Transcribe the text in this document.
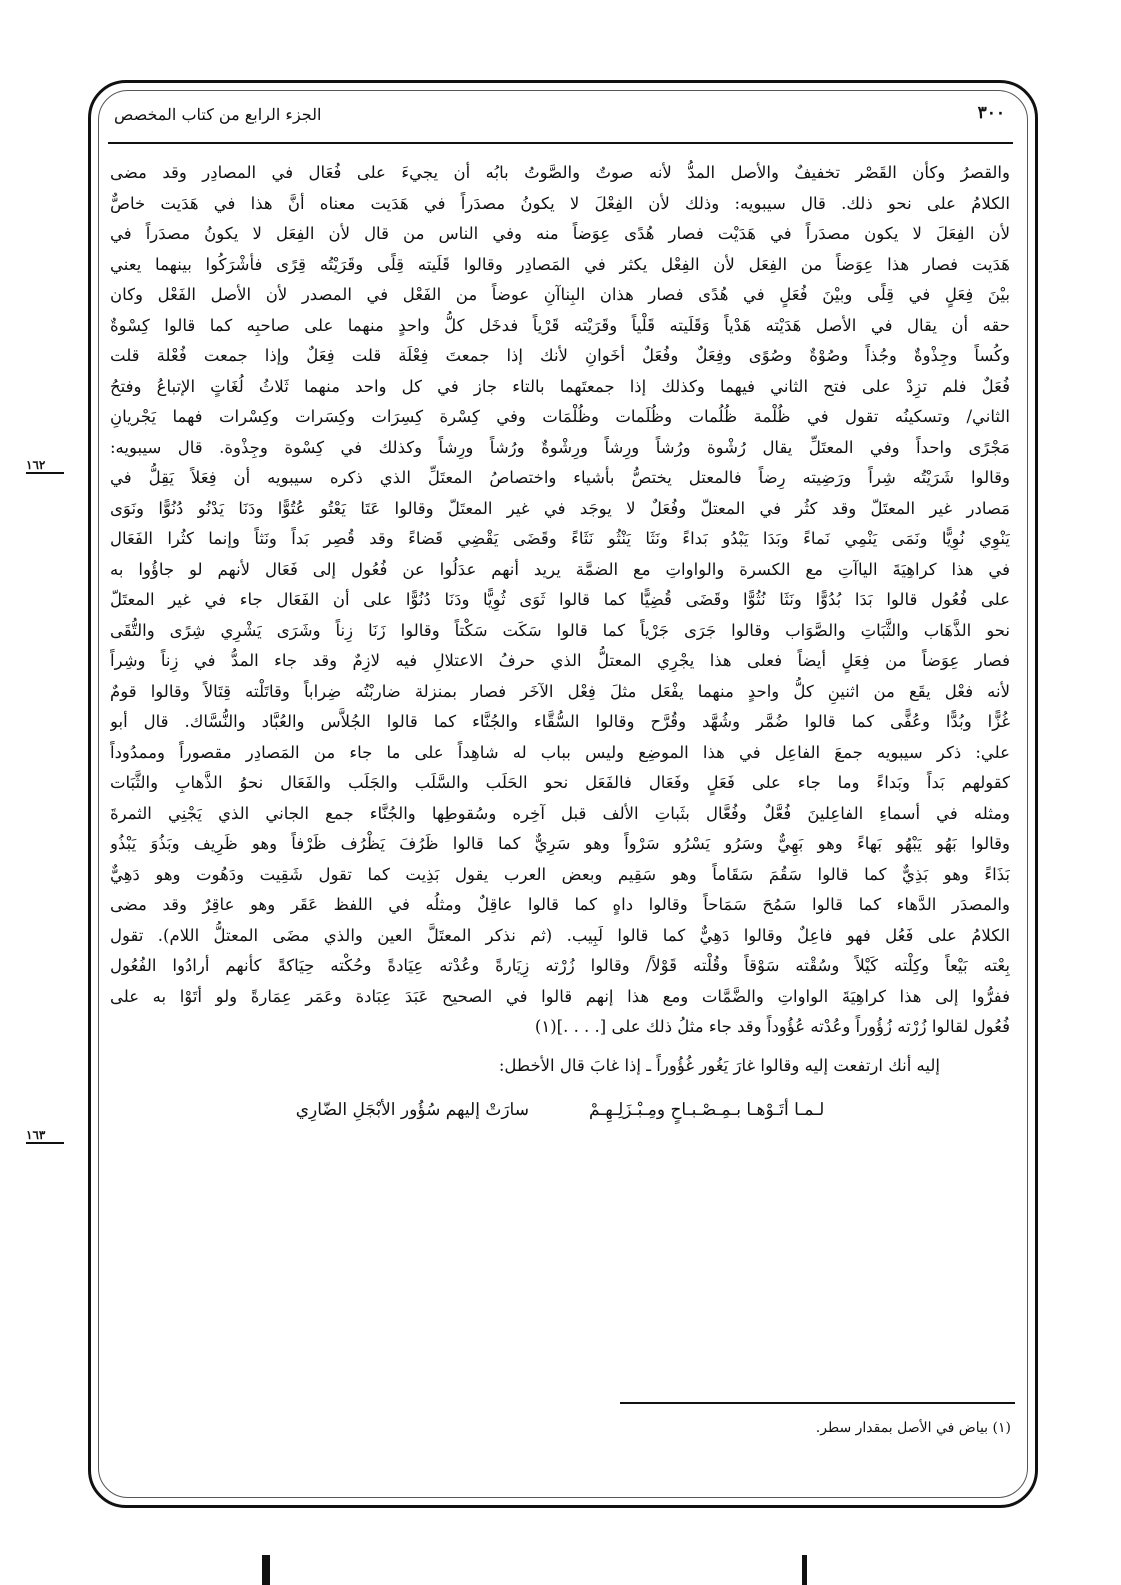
٣٠٠
الجزء الرابع من كتاب المخصص
١٦٢
١٦٣

والقصرُ وكأن القَصْر تخفيفٌ والأصل المدُّ لأنه صوتٌ والصَّوتُ بابُه أن يجيءَ على فُعَال في المصادِر وقد مضى
الكلامُ على نحو ذلك. قال سيبويه: وذلك لأن الفِعْلَ لا يكونُ مصدَراً في هَدَيت معناه أنَّ هذا في هَدَيت خاصٌّ
لأن الفِعَلَ لا يكون مصدَراً في هَدَيْت فصار هُدًى عِوَضاً منه وفي الناس من قال لأن الفِعَل لا يكونُ مصدَراً في
هَدَيت فصار هذا عِوَضاً من الفِعَل لأن الفِعْل يكثر في المَصادِر وقالوا قَلَيته قِلًى وقَرَيْتُه قِرًى فأشْرَكُوا بينهما يعني
بيْنَ فِعَلٍ في قِلًى وبيْنَ فُعَلٍ في هُدًى فصار هذان البِناآنِ عوضاً من الفَعْل في المصدر لأن الأصل الفَعْل وكان
حقه أن يقال في الأصل هَدَيْته هَدْياً وَقَلَيته قَلْياً وقَرَيْته قَرْياً فدخَل كلُّ واحدٍ منهما على صاحبِه كما قالوا كِسْوةٌ
وكُساً وجِذْوةٌ وجُذاً وصُوْةٌ وصُوًى وفِعَلٌ وفُعَلٌ أخَوانِ لأنك إذا جمعتَ فِعْلَة قلت فِعَلٌ وإذا جمعت فُعْلة قلت
فُعَلٌ فلم تزِدْ على فتح الثاني فيهما وكذلك إذا جمعتَهما بالتاء جاز في كل واحد منهما ثَلاثُ لُغَاتٍ الإتباعُ وفتحُ
الثاني/ وتسكينُه تقول في ظُلْمة ظُلُمات وظُلَمات وظُلْمَات وفي كِسْرة كِسِرَات وكِسَرات وكِسْرات فهما يَجْريانِ
مَجْرًى واحداً وفي المعتَلِّ يقال رُشْوة ورُشاً ورِشاً ورِشْوةٌ ورُشاً ورِشاً وكذلك في كِسْوة وجِذْوة. قال سيبويه:
وقالوا شَرَيْتُه شِراً ورَضِيته رِضاً فالمعتل يختصُّ بأشياء واختصاصُ المعتَلِّ الذي ذكره سيبويه أن فِعَلاً يَقِلُّ في
مَصادر غير المعتَلّ وقد كثُر في المعتلّ وفُعَلٌ لا يوجَد في غير المعتَلّ وقالوا عَتَا يَعْتُو عُتُوًّا ودَنَا يَدْنُو دُنُوًّا ونَوَى
يَنْوِي نُوِيًّا ونَمَى يَنْمِي نَماءً وبَدَا يَبْدُو بَداءً ونَثَا يَنْثُو نَثَاءً وقَضَى يَقْضِي قَضاءً وقد قُصِر بَداً ونَثاً وإنما كثُرا الفَعَال
في هذا كراهِيَةَ الياآتِ مع الكسرة والواواتِ مع الضمَّة يريد أنهم عدَلُوا عن فُعُول إلى فَعَال لأنهم لو جاؤُوا به
على فُعُول قالوا بَدَا بُدُوًّا ونَثَا نُثُوًّا وقَضَى قُضِيًّا كما قالوا ثَوَى ثُوِيًّا ودَنَا دُنُوًّا على أن الفَعَال جاء في غير المعتَلّ
نحو الذَّهَاب والثَّبَاتِ والصَّوَاب وقالوا جَرَى جَرْياً كما قالوا سَكَت سَكْتاً وقالوا زَنَا زِناً وشَرَى يَشْرِي شِرًى والتُّقَى
فصار عِوَضاً من فِعَلٍ أيضاً فعلى هذا يجْرِي المعتلُّ الذي حرفُ الاعتلالِ فيه لازِمٌ وقد جاء المدُّ في زِناً وشِراً
لأنه فعْل يقَع من اثنينِ كلُّ واحدٍ منهما يفْعَل مثلَ فِعْل الآخَر فصار بمنزلة ضاربْتُه ضِراباً وقاتَلْته قِتَالاً وقالوا قومٌ
غُزًّا وبُدًّا وعُفًّى كما قالوا ضُمَّر وشُهَّد وقُرَّح وقالوا السُّقَّاء والجُنَّاء كما قالوا الجُلاَّس والعُبَّاد والنُّسَّاك. قال أبو
علي: ذكر سيبويه جمعَ الفاعِل في هذا الموضِع وليس بباب له شاهِداً على ما جاء من المَصادِر مقصوراً وممدُوداً
كقولهم بَداً وبَداءً وما جاء على فَعَلٍ وفَعَال فالفَعَل نحو الحَلَب والسَّلَب والجَلَب والفَعَال نحوُ الذَّهابِ والثَّبَات
ومثله في أسماءِ الفاعِلينَ فُعَّلٌ وفُعَّال بثَباتِ الألف قبل آخِره وسُقوطِها والجُنَّاء جمع الجاني الذي يَجْنِي الثمرةَ
وقالوا بَهُو يَبْهُو بَهاءً وهو بَهِيٌّ وسَرُو يَسْرُو سَرْواً وهو سَرِيٌّ كما قالوا ظَرُفَ يَظْرُف ظَرْفاً وهو ظَرِيف وبَذُوَ يَبْذُو
بَذَاءً وهو بَذِيٌّ كما قالوا سَقُمَ سَقَاماً وهو سَقِيم وبعض العرب يقول بَذِيت كما تقول شَقِيت ودَهُوت وهو دَهِيٌّ
والمصدَر الدَّهاء كما قالوا سَمُحَ سَمَاحاً وقالوا داهٍ كما قالوا عاقِلٌ ومثلُه في اللفظ عَقَر وهو عاقِرٌ وقد مضى
الكلامُ على فَعُل فهو فاعِلٌ وقالوا دَهِيٌّ كما قالوا لَبِيب. (ثم نذكر المعتَلَّ العين والذي مضَى المعتلُّ اللام). تقول
بِعْته بَيْعاً وكِلْته كَيْلاً وسُقْته سَوْقاً وقُلْته قَوْلاً/ وقالوا زُرْته زِيَارةً وعُدْته عِيَادةً وحُكْته حِيَاكةً كأنهم أرادُوا الفُعُول
ففرُّوا إلى هذا كراهِيَةَ الواواتِ والضَّمَّات ومع هذا إنهم قالوا في الصحيح عَبَدَ عِبَادة وعَمَر عِمَارةً ولو أتَوْا به على
فُعُول لقالوا زُرْته زُؤُوراً وعُدْته عُؤُوداً وقد جاء مثلُ ذلك على [. . . .](١)

إليه أنك ارتفعت إليه وقالوا غارَ يَغُور غُؤُوراً ـ إذا غابَ قال الأخطل:

لـمـا أتَـوْهـا بـمِـصْـبـاحٍ ومِـبْـزَلِـهِـمْ
سارَتْ إليهم سُؤُور الأبْجَلِ الضّارِي
(١) بياض في الأصل بمقدار سطر.
